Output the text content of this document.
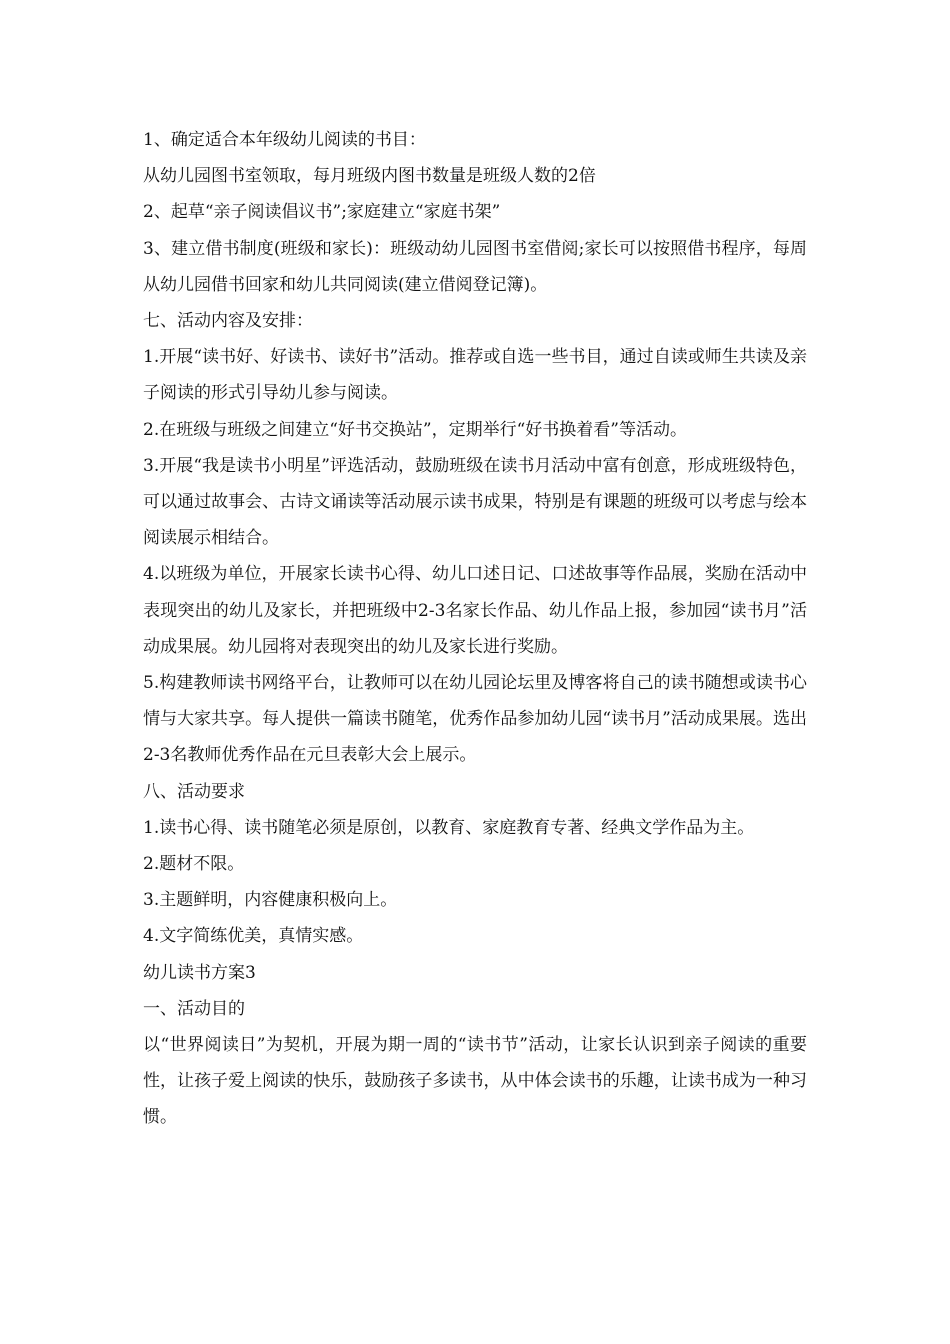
1、确定适合本年级幼儿阅读的书目：

从幼儿园图书室领取，每月班级内图书数量是班级人数的2倍

2、起草“亲子阅读倡议书”;家庭建立“家庭书架”

3、建立借书制度(班级和家长)：班级动幼儿园图书室借阅;家长可以按照借书程序，每周从幼儿园借书回家和幼儿共同阅读(建立借阅登记簿)。

七、活动内容及安排：

1.开展“读书好、好读书、读好书”活动。推荐或自选一些书目，通过自读或师生共读及亲子阅读的形式引导幼儿参与阅读。

2.在班级与班级之间建立“好书交换站”，定期举行“好书换着看”等活动。

3.开展“我是读书小明星”评选活动，鼓励班级在读书月活动中富有创意，形成班级特色，可以通过故事会、古诗文诵读等活动展示读书成果，特别是有课题的班级可以考虑与绘本阅读展示相结合。

4.以班级为单位，开展家长读书心得、幼儿口述日记、口述故事等作品展，奖励在活动中表现突出的幼儿及家长，并把班级中2-3名家长作品、幼儿作品上报，参加园“读书月”活动成果展。幼儿园将对表现突出的幼儿及家长进行奖励。

5.构建教师读书网络平台，让教师可以在幼儿园论坛里及博客将自己的读书随想或读书心情与大家共享。每人提供一篇读书随笔，优秀作品参加幼儿园“读书月”活动成果展。选出2-3名教师优秀作品在元旦表彰大会上展示。

八、活动要求

1.读书心得、读书随笔必须是原创，以教育、家庭教育专著、经典文学作品为主。

2.题材不限。

3.主题鲜明，内容健康积极向上。

4.文字简练优美，真情实感。

幼儿读书方案3

一、活动目的

以“世界阅读日”为契机，开展为期一周的“读书节”活动，让家长认识到亲子阅读的重要性，让孩子爱上阅读的快乐，鼓励孩子多读书，从中体会读书的乐趣，让读书成为一种习惯。
